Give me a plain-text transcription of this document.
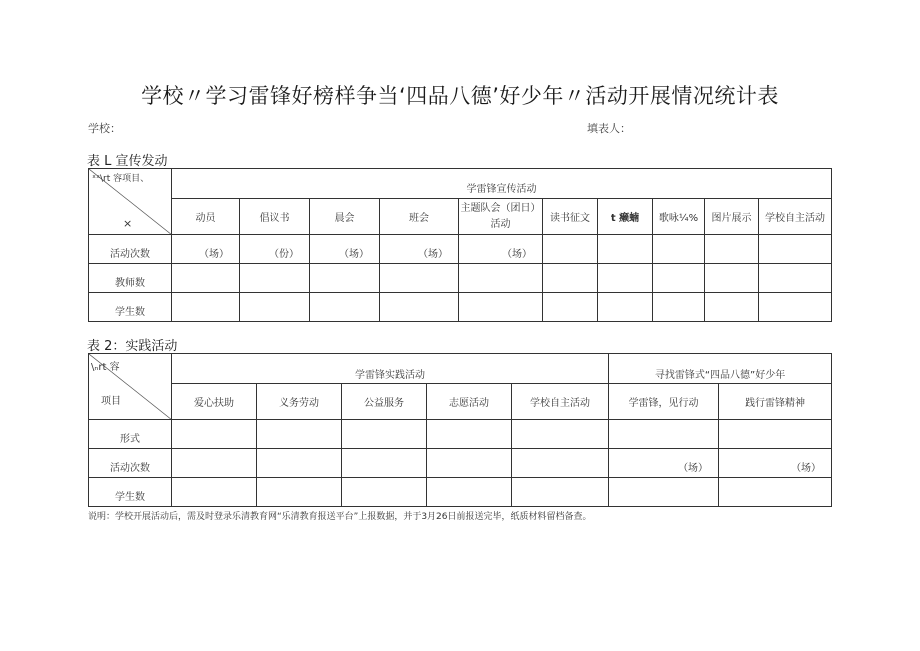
学校〃学习雷锋好榜样争当‘四品八德’好少年〃活动开展情况统计表
学校：	填表人：
表 L 宣传发动
ˣˣ\rt 容项目、
×	学雷锋宣传活动									
	动员	倡议书	晨会	班会	主题队会（团日）活动	读书征文	t 癞蝻	歌咏¼%	图片展示	学校自主活动
活动次数	（场）	（份）	（场）	（场）	（场）					
教师数										
学生数										
表 2：实践活动
\ₙrt 容
项目	学雷锋实践活动					寻找雷锋式“四品八德”好少年	
	爱心扶助	义务劳动	公益服务	志愿活动	学校自主活动	学雷锋，见行动	践行雷锋精神
形式							
活动次数						（场）	（场）
学生数							
说明：学校开展活动后，需及时登录乐清教育网“乐清教育报送平台”上报数据，并于3月26日前报送完毕，纸质材料留档备查。
